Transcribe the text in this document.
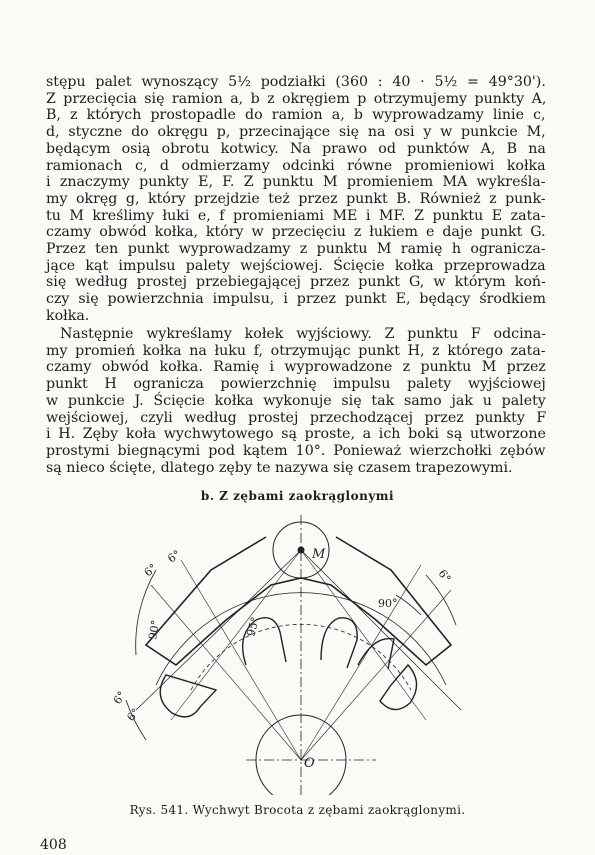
stępu palet wynoszący 5½ podziałki (360 : 40 · 5½ = 49°30').
Z przecięcia się ramion a, b z okręgiem p otrzymujemy punkty A,
B, z których prostopadle do ramion a, b wyprowadzamy linie c,
d, styczne do okręgu p, przecinające się na osi y w punkcie M,
będącym osią obrotu kotwicy. Na prawo od punktów A, B na
ramionach c, d odmierzamy odcinki równe promieniowi kołka
i znaczymy punkty E, F. Z punktu M promieniem MA wykreśla-
my okręg g, który przejdzie też przez punkt B. Również z punk-
tu M kreślimy łuki e, f promieniami ME i MF. Z punktu E zata-
czamy obwód kołka, który w przecięciu z łukiem e daje punkt G.
Przez ten punkt wyprowadzamy z punktu M ramię h ogranicza-
jące kąt impulsu palety wejściowej. Ścięcie kołka przeprowadza
się według prostej przebiegającej przez punkt G, w którym koń-
czy się powierzchnia impulsu, i przez punkt E, będący środkiem
kołka.
Następnie wykreślamy kołek wyjściowy. Z punktu F odcina-
my promień kołka na łuku f, otrzymując punkt H, z którego zata-
czamy obwód kołka. Ramię i wyprowadzone z punktu M przez
punkt H ogranicza powierzchnię impulsu palety wyjściowej
w punkcie J. Ścięcie kołka wykonuje się tak samo jak u palety
wejściowej, czyli według prostej przechodzącej przez punkty F
i H. Zęby koła wychwytowego są proste, a ich boki są utworzone
prostymi biegnącymi pod kątem 10°. Ponieważ wierzchołki zębów
są nieco ścięte, dlatego zęby te nazywa się czasem trapezowymi.
b. Z zębami zaokrąglonymi
M
O
6°
6°
6°
6°
6°
90°
90°
95°
Rys. 541. Wychwyt Brocota z zębami zaokrąglonymi.
408
